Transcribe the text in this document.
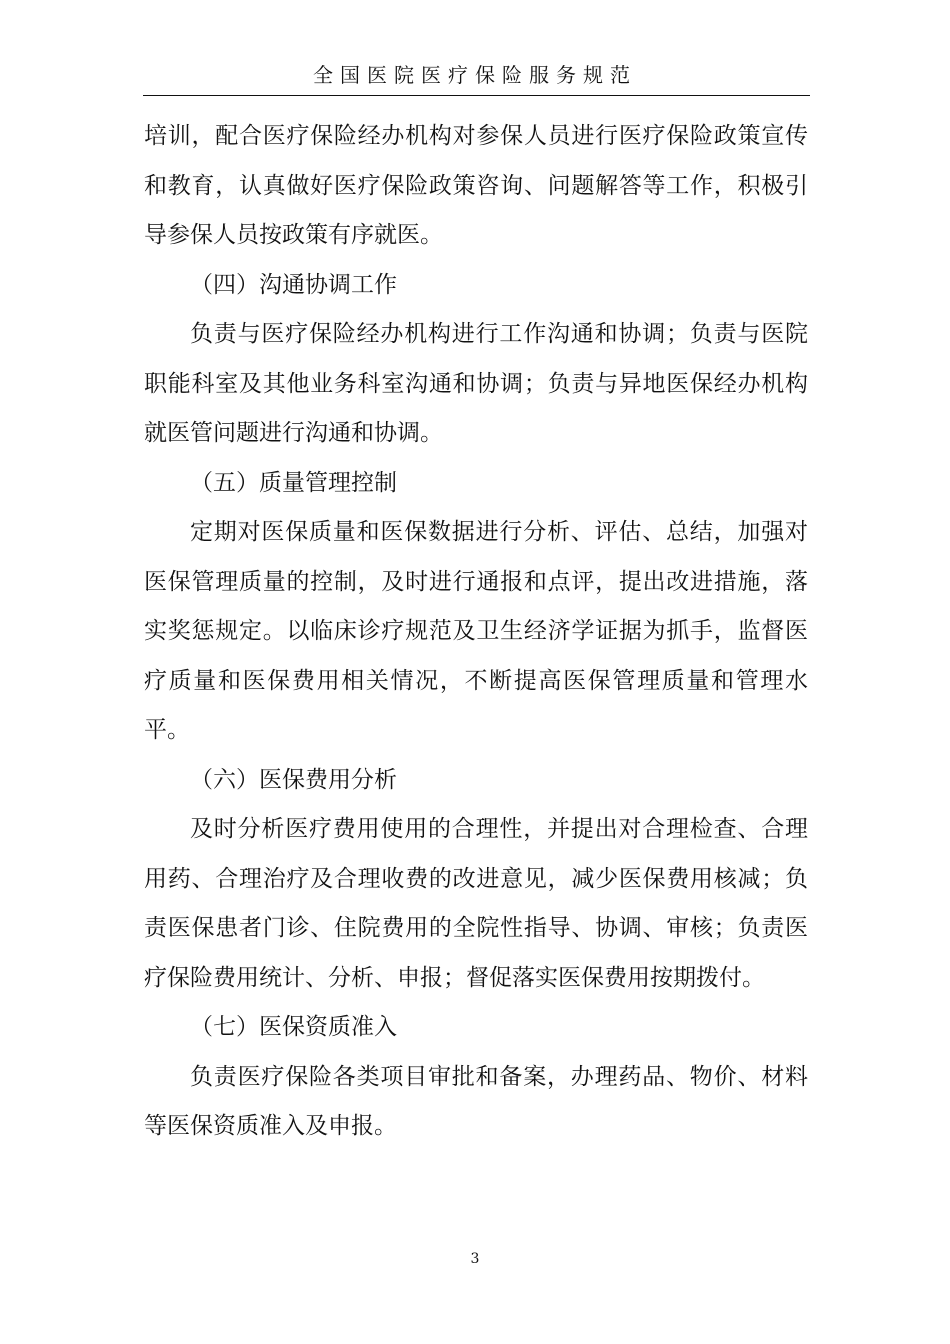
全国医院医疗保险服务规范

培训，配合医疗保险经办机构对参保人员进行医疗保险政策宣传和教育，认真做好医疗保险政策咨询、问题解答等工作，积极引导参保人员按政策有序就医。

（四）沟通协调工作

负责与医疗保险经办机构进行工作沟通和协调；负责与医院职能科室及其他业务科室沟通和协调；负责与异地医保经办机构就医管问题进行沟通和协调。

（五）质量管理控制

定期对医保质量和医保数据进行分析、评估、总结，加强对医保管理质量的控制，及时进行通报和点评，提出改进措施，落实奖惩规定。以临床诊疗规范及卫生经济学证据为抓手，监督医疗质量和医保费用相关情况，不断提高医保管理质量和管理水平。

（六）医保费用分析

及时分析医疗费用使用的合理性，并提出对合理检查、合理用药、合理治疗及合理收费的改进意见，减少医保费用核减；负责医保患者门诊、住院费用的全院性指导、协调、审核；负责医疗保险费用统计、分析、申报；督促落实医保费用按期拨付。

（七）医保资质准入

负责医疗保险各类项目审批和备案，办理药品、物价、材料等医保资质准入及申报。

3
